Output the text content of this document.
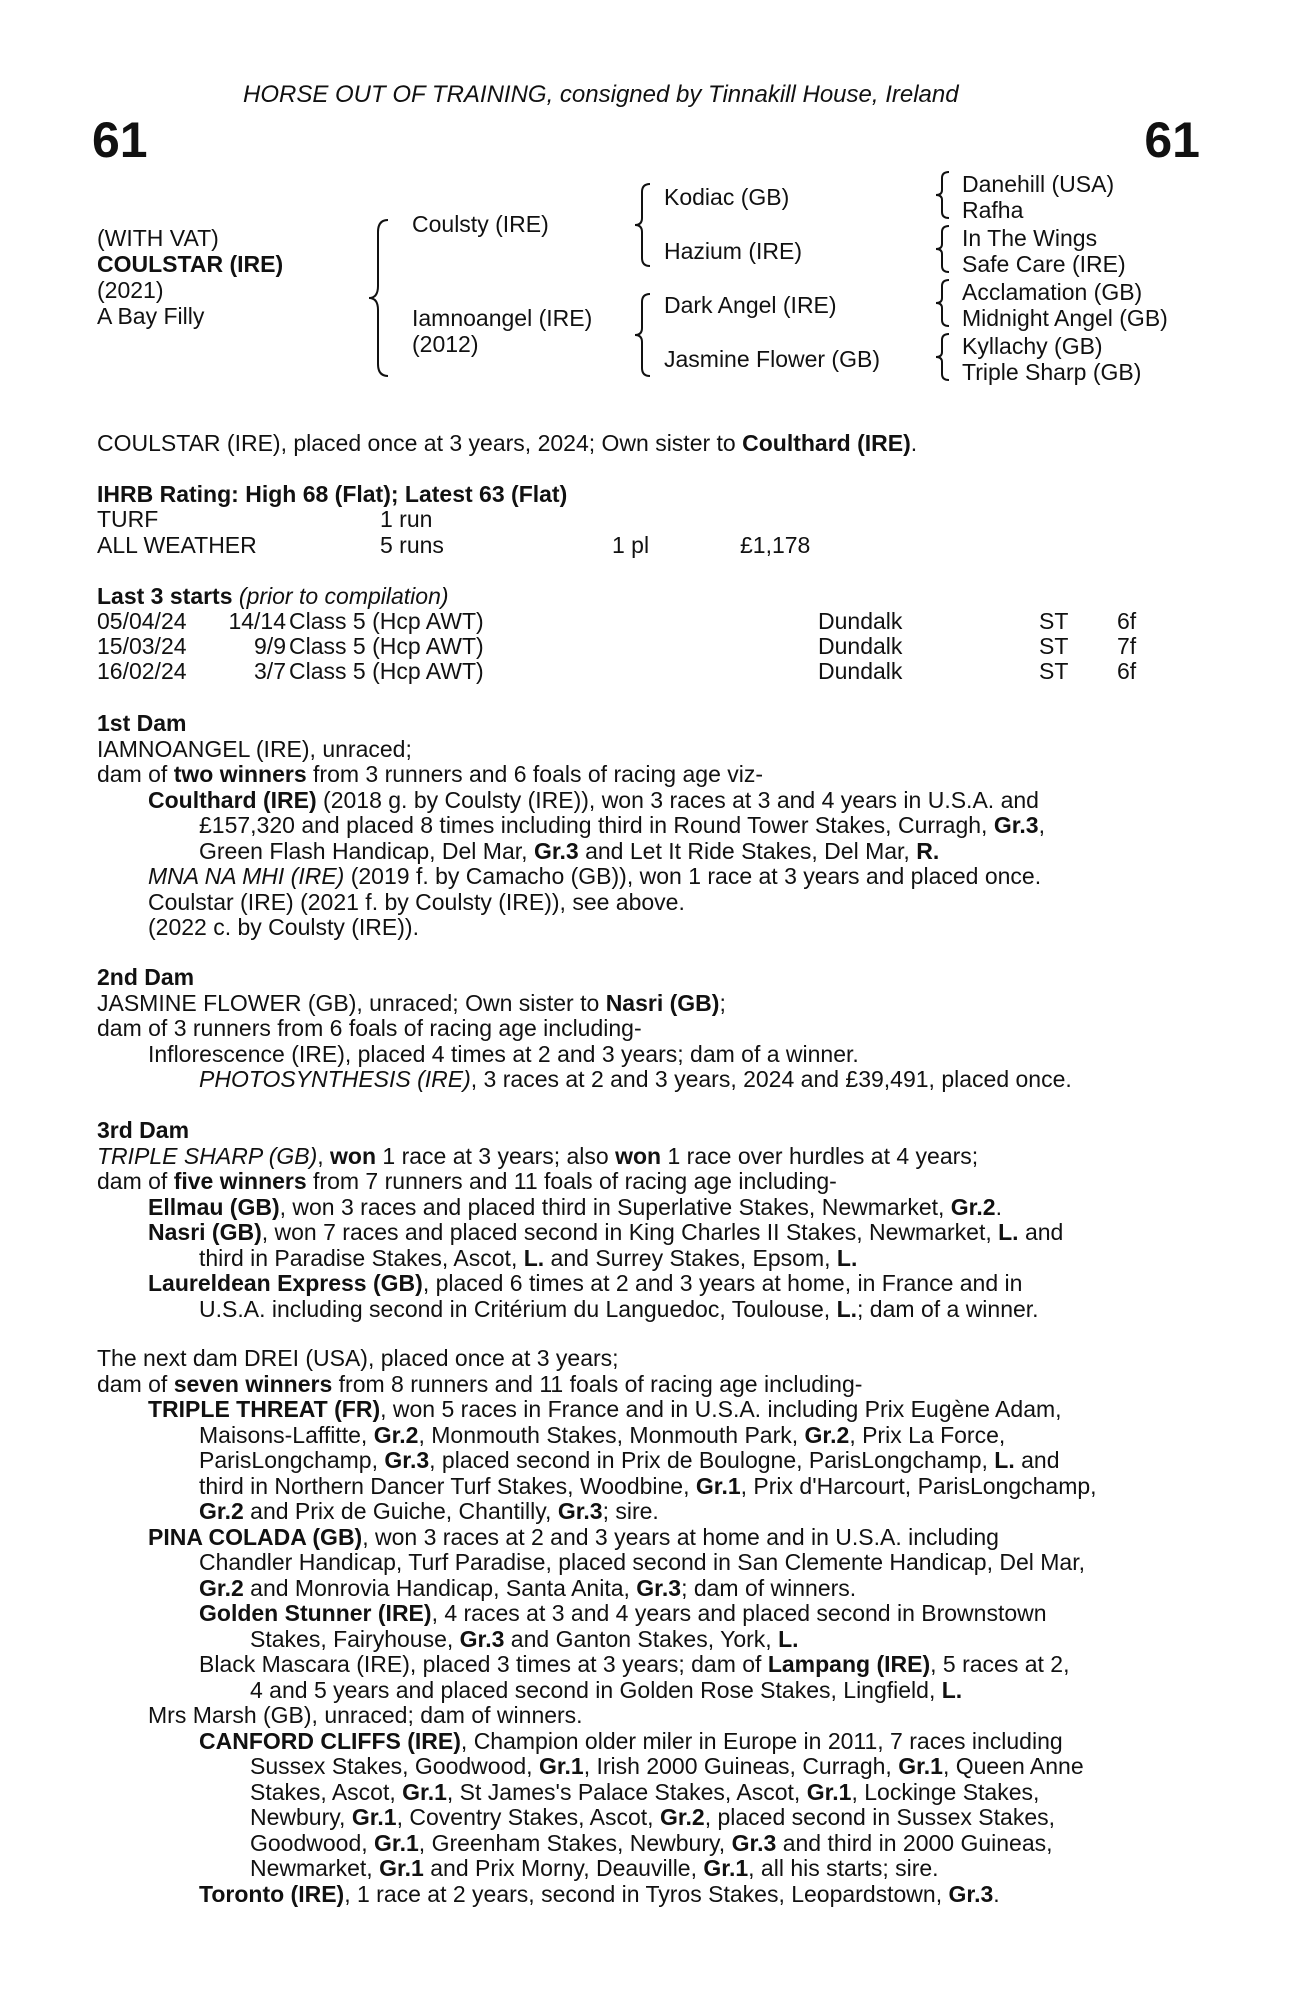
HORSE OUT OF TRAINING, consigned by Tinnakill House, Ireland
61	61
(WITH VAT)
COULSTAR (IRE)
(2021)
A Bay Filly
Coulsty (IRE)
Iamnoangel (IRE)
(2012)
Kodiac (GB)
Hazium (IRE)
Dark Angel (IRE)
Jasmine Flower (GB)
Danehill (USA)
Rafha
In The Wings
Safe Care (IRE)
Acclamation (GB)
Midnight Angel (GB)
Kyllachy (GB)
Triple Sharp (GB)
COULSTAR (IRE), placed once at 3 years, 2024; Own sister to Coulthard (IRE).
IHRB Rating: High 68 (Flat); Latest 63 (Flat)
TURF	1 run
ALL WEATHER	5 runs	1 pl	£1,178
Last 3 starts (prior to compilation)
05/04/24	14/14 Class 5 (Hcp AWT)	Dundalk	ST 6f
15/03/24	9/9 Class 5 (Hcp AWT)	Dundalk	ST 7f
16/02/24	3/7 Class 5 (Hcp AWT)	Dundalk	ST 6f
1st Dam
IAMNOANGEL (IRE), unraced;
dam of two winners from 3 runners and 6 foals of racing age viz-
Coulthard (IRE) (2018 g. by Coulsty (IRE)), won 3 races at 3 and 4 years in U.S.A. and
£157,320 and placed 8 times including third in Round Tower Stakes, Curragh, Gr.3,
Green Flash Handicap, Del Mar, Gr.3 and Let It Ride Stakes, Del Mar, R.
MNA NA MHI (IRE) (2019 f. by Camacho (GB)), won 1 race at 3 years and placed once.
Coulstar (IRE) (2021 f. by Coulsty (IRE)), see above.
(2022 c. by Coulsty (IRE)).
2nd Dam
JASMINE FLOWER (GB), unraced; Own sister to Nasri (GB);
dam of 3 runners from 6 foals of racing age including-
Inflorescence (IRE), placed 4 times at 2 and 3 years; dam of a winner.
PHOTOSYNTHESIS (IRE), 3 races at 2 and 3 years, 2024 and £39,491, placed once.
3rd Dam
TRIPLE SHARP (GB), won 1 race at 3 years; also won 1 race over hurdles at 4 years;
dam of five winners from 7 runners and 11 foals of racing age including-
Ellmau (GB), won 3 races and placed third in Superlative Stakes, Newmarket, Gr.2.
Nasri (GB), won 7 races and placed second in King Charles II Stakes, Newmarket, L. and
third in Paradise Stakes, Ascot, L. and Surrey Stakes, Epsom, L.
Laureldean Express (GB), placed 6 times at 2 and 3 years at home, in France and in
U.S.A. including second in Critérium du Languedoc, Toulouse, L.; dam of a winner.
The next dam DREI (USA), placed once at 3 years;
dam of seven winners from 8 runners and 11 foals of racing age including-
TRIPLE THREAT (FR), won 5 races in France and in U.S.A. including Prix Eugène Adam,
Maisons-Laffitte, Gr.2, Monmouth Stakes, Monmouth Park, Gr.2, Prix La Force,
ParisLongchamp, Gr.3, placed second in Prix de Boulogne, ParisLongchamp, L. and
third in Northern Dancer Turf Stakes, Woodbine, Gr.1, Prix d'Harcourt, ParisLongchamp,
Gr.2 and Prix de Guiche, Chantilly, Gr.3; sire.
PINA COLADA (GB), won 3 races at 2 and 3 years at home and in U.S.A. including
Chandler Handicap, Turf Paradise, placed second in San Clemente Handicap, Del Mar,
Gr.2 and Monrovia Handicap, Santa Anita, Gr.3; dam of winners.
Golden Stunner (IRE), 4 races at 3 and 4 years and placed second in Brownstown
Stakes, Fairyhouse, Gr.3 and Ganton Stakes, York, L.
Black Mascara (IRE), placed 3 times at 3 years; dam of Lampang (IRE), 5 races at 2,
4 and 5 years and placed second in Golden Rose Stakes, Lingfield, L.
Mrs Marsh (GB), unraced; dam of winners.
CANFORD CLIFFS (IRE), Champion older miler in Europe in 2011, 7 races including
Sussex Stakes, Goodwood, Gr.1, Irish 2000 Guineas, Curragh, Gr.1, Queen Anne
Stakes, Ascot, Gr.1, St James's Palace Stakes, Ascot, Gr.1, Lockinge Stakes,
Newbury, Gr.1, Coventry Stakes, Ascot, Gr.2, placed second in Sussex Stakes,
Goodwood, Gr.1, Greenham Stakes, Newbury, Gr.3 and third in 2000 Guineas,
Newmarket, Gr.1 and Prix Morny, Deauville, Gr.1, all his starts; sire.
Toronto (IRE), 1 race at 2 years, second in Tyros Stakes, Leopardstown, Gr.3.
